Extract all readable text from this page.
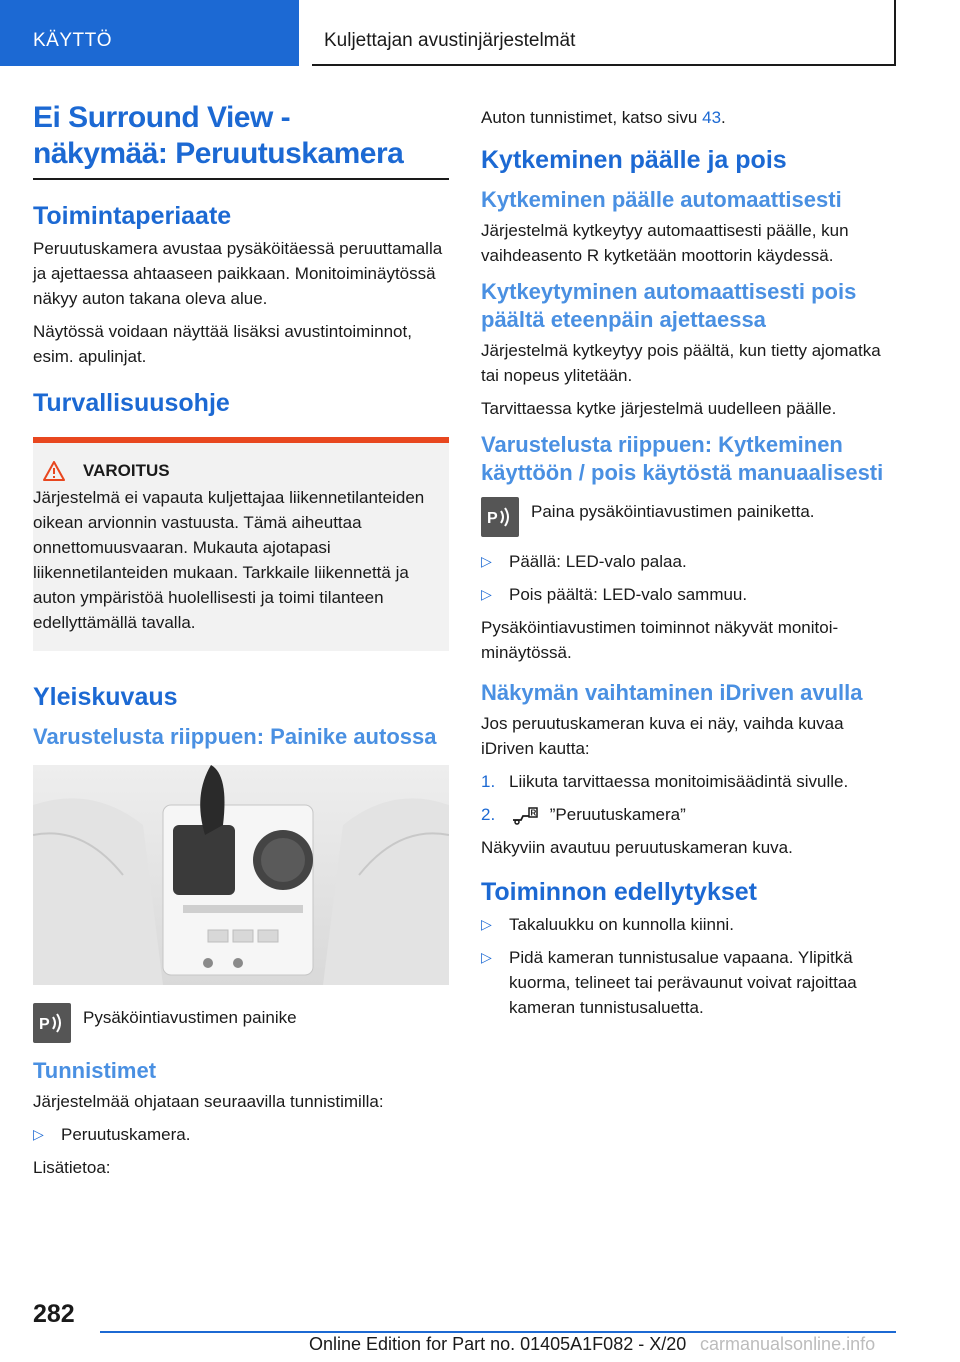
KÄYTTÖ	Kuljettajan avustinjärjestelmät
Ei Surround View -
näkymää: Peruutuskamera
Toimintaperiaate

Peruutuskamera avustaa pysäköitäessä peruuttamalla ja ajettaessa ahtaaseen paikkaan. Monitoiminäytössä näkyy auton takana oleva alue.

Näytössä voidaan näyttää lisäksi avustintoiminnot, esim. apulinjat.

Turvallisuusohje
VAROITUS

Järjestelmä ei vapauta kuljettajaa liikennetilanteiden oikean arvionnin vastuusta. Tämä aiheuttaa onnettomuusvaaran. Mukauta ajotapasi liikennetilanteiden mukaan. Tarkkaile liikennettä ja auton ympäristöä huolellisesti ja toimi tilanteen edellyttämällä tavalla.

Yleiskuvaus
Varustelusta riippuen: Painike autossa
P Pysäköintiavustimen painike

Tunnistimet

Järjestelmää ohjataan seuraavilla tunnistimilla:

▷ Peruutuskamera.

Lisätietoa:

Auton tunnistimet, katso sivu 43.

Kytkeminen päälle ja pois
Kytkeminen päälle automaattisesti

Järjestelmä kytkeytyy automaattisesti päälle, kun vaihdeasento R kytketään moottorin käydessä.

Kytkeytyminen automaattisesti pois päältä eteenpäin ajettaessa

Järjestelmä kytkeytyy pois päältä, kun tietty ajomatka tai nopeus ylitetään.

Tarvittaessa kytke järjestelmä uudelleen päälle.

Varustelusta riippuen: Kytkeminen käyttöön / pois käytöstä manuaalisesti
P Paina pysäköintiavustimen painiketta.

▷ Päällä: LED-valo palaa.
▷ Pois päältä: LED-valo sammuu.

Pysäköintiavustimen toiminnot näkyvät monitoiminäytössä.

Näkymän vaihtaminen iDriven avulla

Jos peruutuskameran kuva ei näy, vaihda kuvaa iDriven kautta:

1. Liikuta tarvittaessa monitoimisäädintä sivulle.
2.	R ”Peruutuskamera”

Näkyviin avautuu peruutuskameran kuva.

Toiminnon edellytykset
▷ Takaluukku on kunnolla kiinni.
▷ Pidä kameran tunnistusalue vapaana. Ylipitkä kuorma, telineet tai perävaunut voivat rajoittaa kameran tunnistusaluetta.
282
Online Edition for Part no. 01405A1F082 - X/20 carmanualsonline.info
